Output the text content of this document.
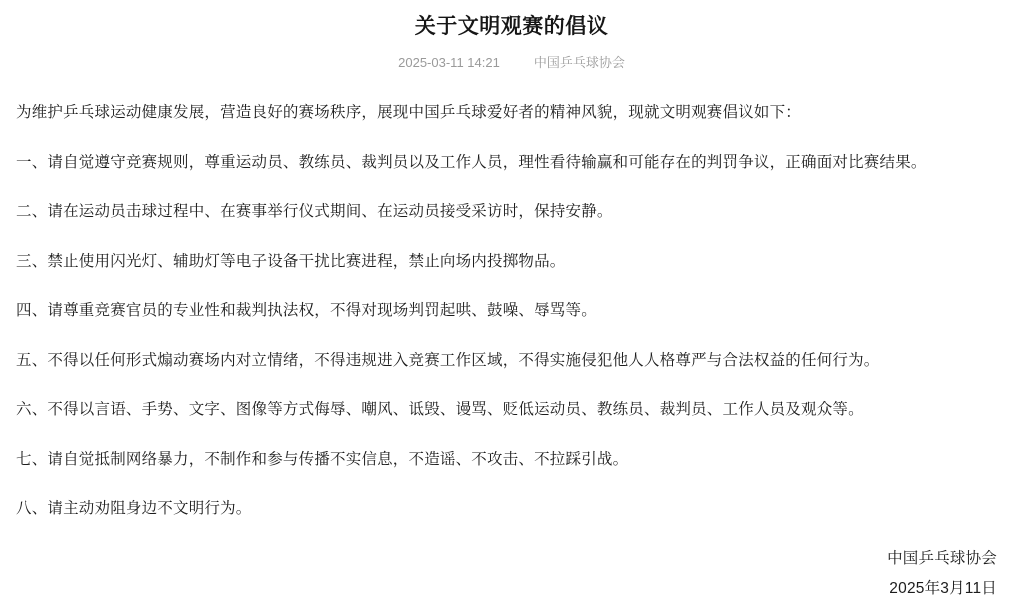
关于文明观赛的倡议
2025-03-11 14:21	中国乒乓球协会

为维护乒乓球运动健康发展，营造良好的赛场秩序，展现中国乒乓球爱好者的精神风貌，现就文明观赛倡议如下：

一、请自觉遵守竞赛规则，尊重运动员、教练员、裁判员以及工作人员，理性看待输赢和可能存在的判罚争议，正确面对比赛结果。

二、请在运动员击球过程中、在赛事举行仪式期间、在运动员接受采访时，保持安静。

三、禁止使用闪光灯、辅助灯等电子设备干扰比赛进程，禁止向场内投掷物品。

四、请尊重竞赛官员的专业性和裁判执法权，不得对现场判罚起哄、鼓噪、辱骂等。

五、不得以任何形式煽动赛场内对立情绪，不得违规进入竞赛工作区域，不得实施侵犯他人人格尊严与合法权益的任何行为。

六、不得以言语、手势、文字、图像等方式侮辱、嘲风、诋毁、谩骂、贬低运动员、教练员、裁判员、工作人员及观众等。

七、请自觉抵制网络暴力，不制作和参与传播不实信息，不造谣、不攻击、不拉踩引战。

八、请主动劝阻身边不文明行为。

中国乒乓球协会
2025年3月11日
